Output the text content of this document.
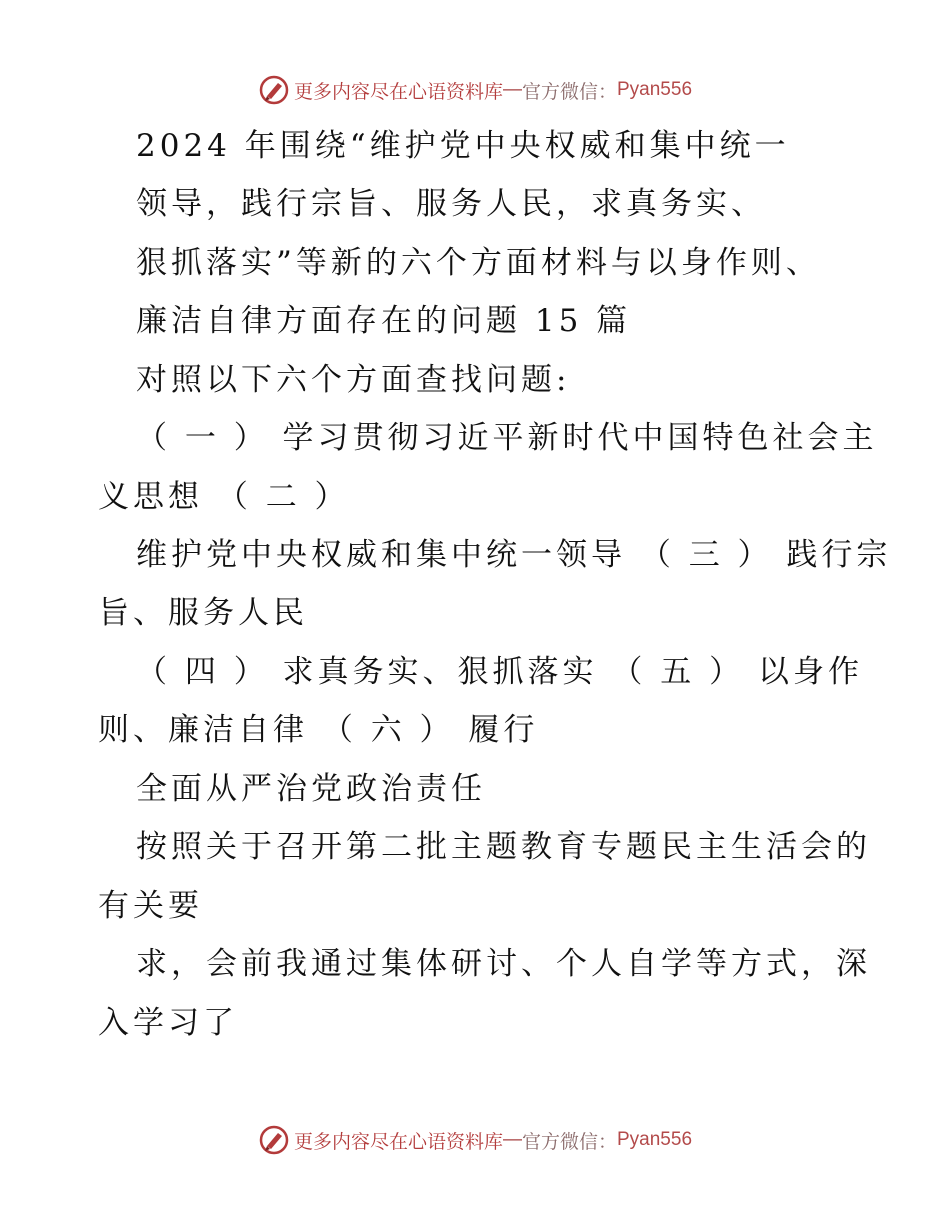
更多内容尽在心语资料库 — 官方微信： Pyan556
2024 年围绕“维护党中央权威和集中统一
领导，践行宗旨、服务人民，求真务实、
狠抓落实”等新的六个方面材料与以身作则、
廉洁自律方面存在的问题 15 篇
对照以下六个方面查找问题:
（ 一 ） 学习贯彻习近平新时代中国特色社会主
义思想 （ 二 ）
维护党中央权威和集中统一领导 （ 三 ） 践行宗
旨、服务人民
（ 四 ） 求真务实、狠抓落实 （ 五 ） 以身作
则、廉洁自律 （ 六 ） 履行
全面从严治党政治责任
按照关于召开第二批主题教育专题民主生活会的
有关要
求，会前我通过集体研讨、个人自学等方式，深
入学习了
更多内容尽在心语资料库 — 官方微信： Pyan556
